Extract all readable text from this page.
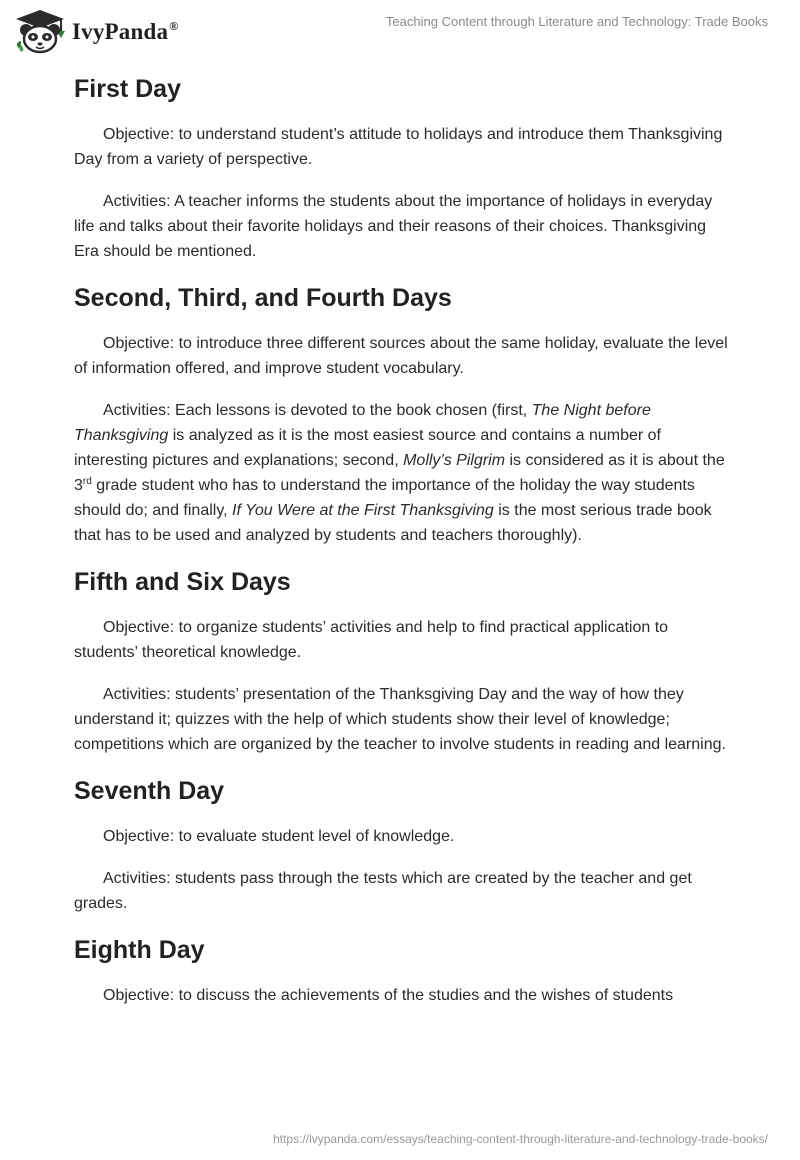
IvyPanda®	Teaching Content through Literature and Technology: Trade Books
First Day

Objective: to understand student’s attitude to holidays and introduce them Thanksgiving Day from a variety of perspective.

Activities: A teacher informs the students about the importance of holidays in everyday life and talks about their favorite holidays and their reasons of their choices. Thanksgiving Era should be mentioned.

Second, Third, and Fourth Days

Objective: to introduce three different sources about the same holiday, evaluate the level of information offered, and improve student vocabulary.

Activities: Each lessons is devoted to the book chosen (first, The Night before Thanksgiving is analyzed as it is the most easiest source and contains a number of interesting pictures and explanations; second, Molly’s Pilgrim is considered as it is about the 3rd grade student who has to understand the importance of the holiday the way students should do; and finally, If You Were at the First Thanksgiving is the most serious trade book that has to be used and analyzed by students and teachers thoroughly).

Fifth and Six Days

Objective: to organize students’ activities and help to find practical application to students’ theoretical knowledge.

Activities: students’ presentation of the Thanksgiving Day and the way of how they understand it; quizzes with the help of which students show their level of knowledge; competitions which are organized by the teacher to involve students in reading and learning.

Seventh Day

Objective: to evaluate student level of knowledge.

Activities: students pass through the tests which are created by the teacher and get grades.

Eighth Day

Objective: to discuss the achievements of the studies and the wishes of students

https://ivypanda.com/essays/teaching-content-through-literature-and-technology-trade-books/
